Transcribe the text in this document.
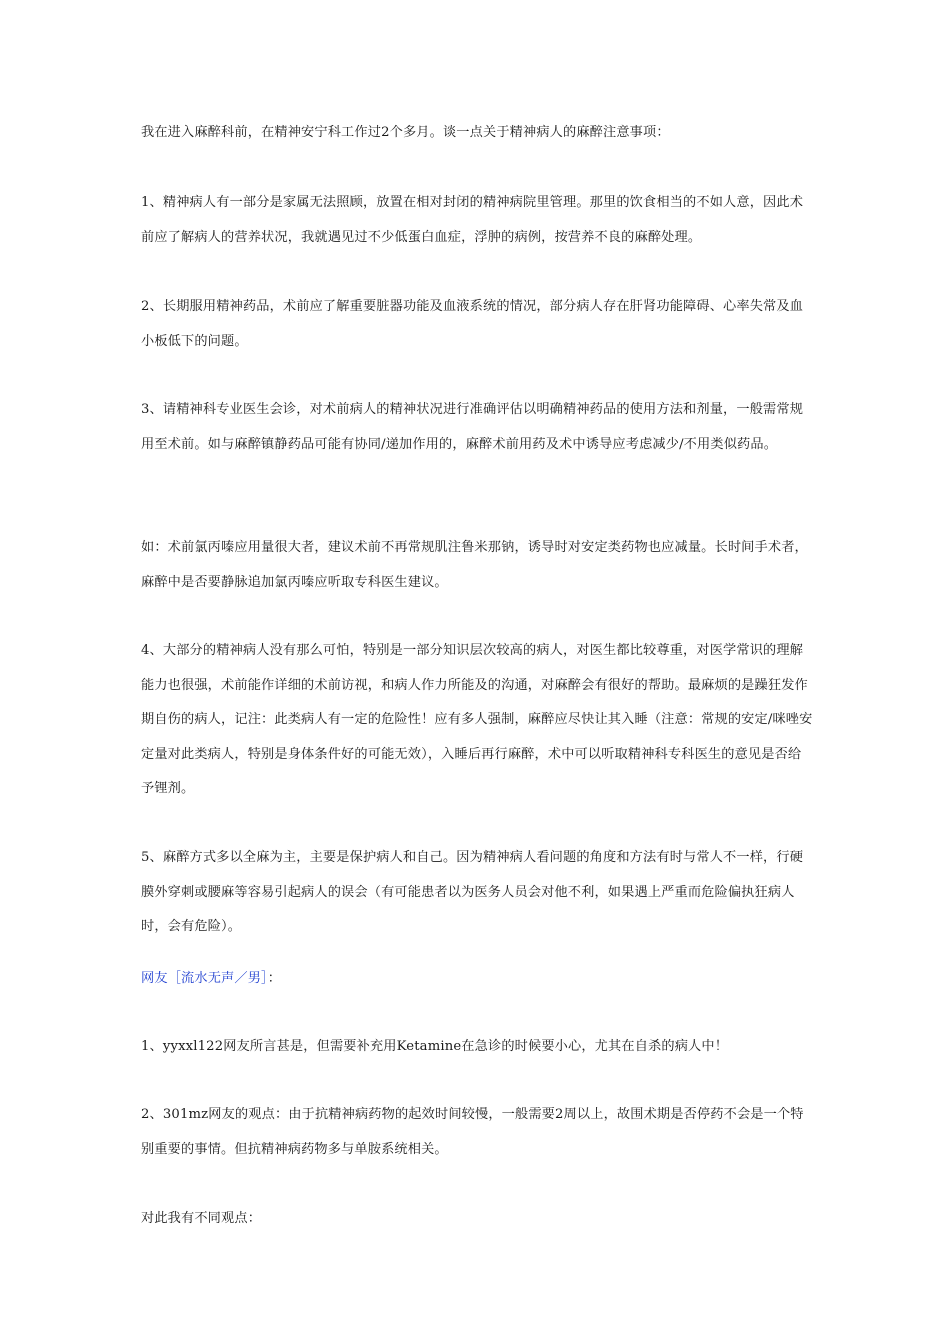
我在进入麻醉科前，在精神安宁科工作过2个多月。谈一点关于精神病人的麻醉注意事项：

1、精神病人有一部分是家属无法照顾，放置在相对封闭的精神病院里管理。那里的饮食相当的不如人意，因此术前应了解病人的营养状况，我就遇见过不少低蛋白血症，浮肿的病例，按营养不良的麻醉处理。

2、长期服用精神药品，术前应了解重要脏器功能及血液系统的情况，部分病人存在肝肾功能障碍、心率失常及血小板低下的问题。

3、请精神科专业医生会诊，对术前病人的精神状况进行准确评估以明确精神药品的使用方法和剂量，一般需常规用至术前。如与麻醉镇静药品可能有协同/递加作用的，麻醉术前用药及术中诱导应考虑减少/不用类似药品。

如：术前氯丙嗪应用量很大者，建议术前不再常规肌注鲁米那钠，诱导时对安定类药物也应减量。长时间手术者，麻醉中是否要静脉追加氯丙嗪应听取专科医生建议。

4、大部分的精神病人没有那么可怕，特别是一部分知识层次较高的病人，对医生都比较尊重，对医学常识的理解能力也很强，术前能作详细的术前访视，和病人作力所能及的沟通，对麻醉会有很好的帮助。最麻烦的是躁狂发作期自伤的病人，记注：此类病人有一定的危险性！应有多人强制，麻醉应尽快让其入睡（注意：常规的安定/咪唑安定量对此类病人，特别是身体条件好的可能无效），入睡后再行麻醉，术中可以听取精神科专科医生的意见是否给予锂剂。

5、麻醉方式多以全麻为主，主要是保护病人和自己。因为精神病人看问题的角度和方法有时与常人不一样，行硬膜外穿刺或腰麻等容易引起病人的误会（有可能患者以为医务人员会对他不利，如果遇上严重而危险偏执狂病人时，会有危险）。

网友［流水无声／男］：

1、yyxxl122网友所言甚是，但需要补充用Ketamine在急诊的时候要小心，尤其在自杀的病人中！

2、301mz网友的观点：由于抗精神病药物的起效时间较慢，一般需要2周以上，故围术期是否停药不会是一个特别重要的事情。但抗精神病药物多与单胺系统相关。

对此我有不同观点：
